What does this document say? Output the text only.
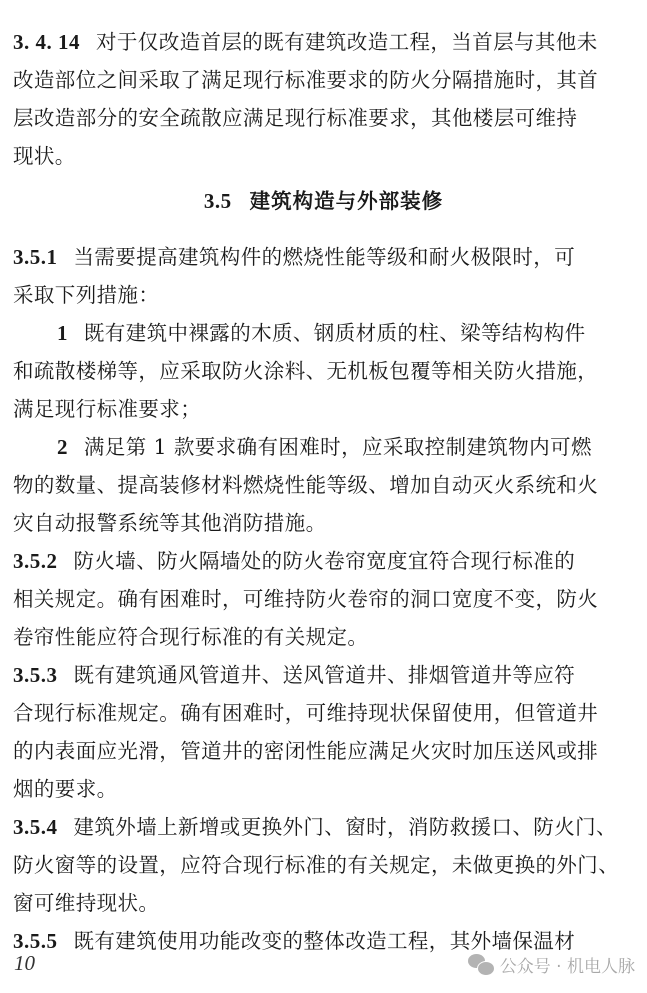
3. 4. 14 对于仅改造首层的既有建筑改造工程，当首层与其他未
改造部位之间采取了满足现行标准要求的防火分隔措施时，其首
层改造部分的安全疏散应满足现行标准要求，其他楼层可维持
现状。
3.5 建筑构造与外部装修
3.5.1 当需要提高建筑构件的燃烧性能等级和耐火极限时，可
采取下列措施：
1 既有建筑中裸露的木质、钢质材质的柱、梁等结构构件
和疏散楼梯等，应采取防火涂料、无机板包覆等相关防火措施，
满足现行标准要求；
2 满足第 1 款要求确有困难时，应采取控制建筑物内可燃
物的数量、提高装修材料燃烧性能等级、增加自动灭火系统和火
灾自动报警系统等其他消防措施。
3.5.2 防火墙、防火隔墙处的防火卷帘宽度宜符合现行标准的
相关规定。确有困难时，可维持防火卷帘的洞口宽度不变，防火
卷帘性能应符合现行标准的有关规定。
3.5.3 既有建筑通风管道井、送风管道井、排烟管道井等应符
合现行标准规定。确有困难时，可维持现状保留使用，但管道井
的内表面应光滑，管道井的密闭性能应满足火灾时加压送风或排
烟的要求。
3.5.4 建筑外墙上新增或更换外门、窗时，消防救援口、防火门、
防火窗等的设置，应符合现行标准的有关规定，未做更换的外门、
窗可维持现状。
3.5.5 既有建筑使用功能改变的整体改造工程，其外墙保温材
10	公众号 · 机电人脉
